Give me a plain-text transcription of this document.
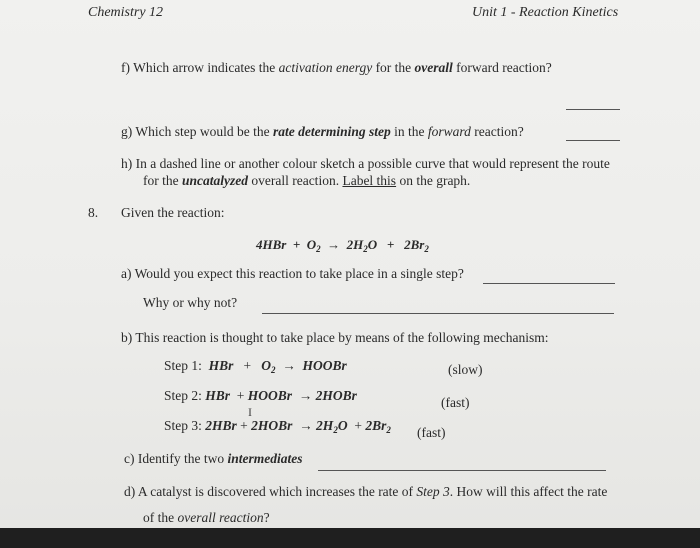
Chemistry 12	Unit 1 - Reaction Kinetics
f) Which arrow indicates the activation energy for the overall forward reaction?
g) Which step would be the rate determining step in the forward reaction?
h) In a dashed line or another colour sketch a possible curve that would represent the route
for the uncatalyzed overall reaction. Label this on the graph.
8. Given the reaction:
$4HBr + O_2 \to 2H_2O + 2Br_2$
a) Would you expect this reaction to take place in a single step?
Why or why not?
b) This reaction is thought to take place by means of the following mechanism:
Step 1: HBr + $O_2$ → HOOBr	(slow)
Step 2: HBr + HOOBr → 2HOBr	(fast)
I
Step 3: 2HBr + 2HOBr → $2H_2O + 2Br_2$ (fast)
c) Identify the two intermediates
d) A catalyst is discovered which increases the rate of Step 3. How will this affect the rate
of the overall reaction?
